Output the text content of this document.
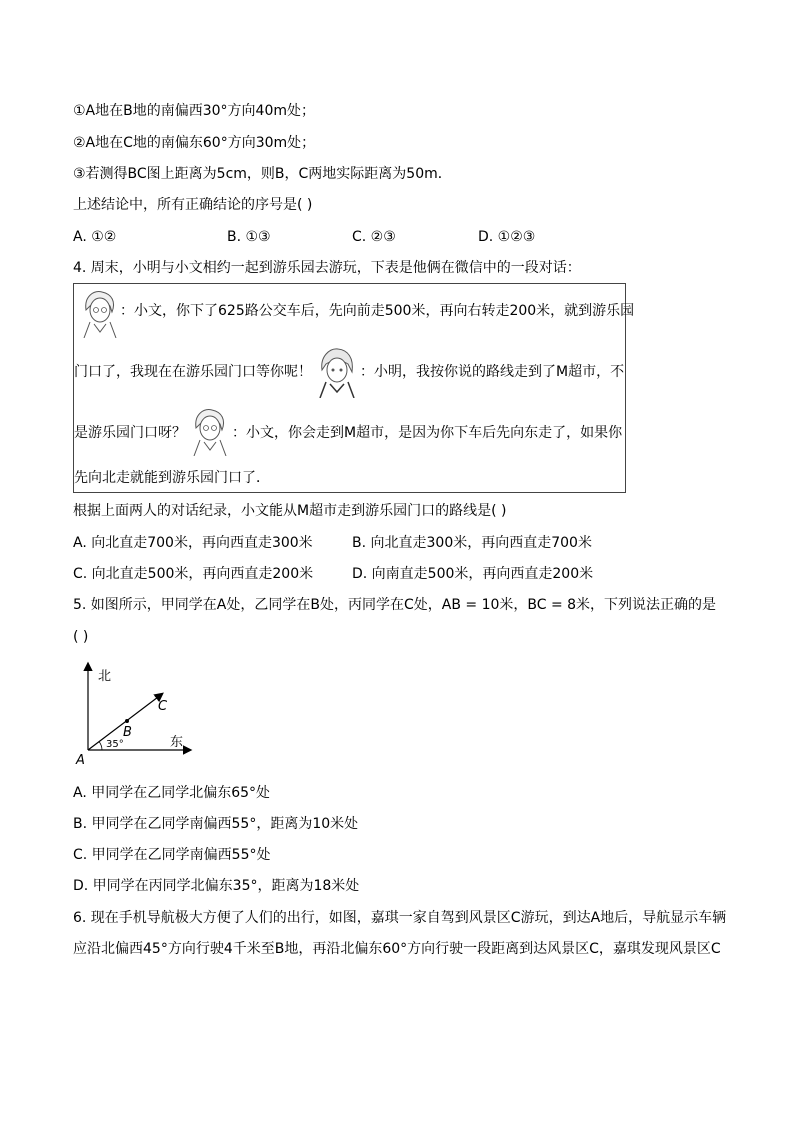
①A地在B地的南偏西30°方向40m处；
②A地在C地的南偏东60°方向30m处；
③若测得BC图上距离为5cm，则B，C两地实际距离为50m．
上述结论中，所有正确结论的序号是( )
A. ①②	B. ①③	C. ②③	D. ①②③
4. 周末，小明与小文相约一起到游乐园去游玩，下表是他俩在微信中的一段对话：
：小文，你下了625路公交车后，先向前走500米，再向右转走200米，就到游乐园
门口了，我现在在游乐园门口等你呢！	：小明，我按你说的路线走到了M超市，不
是游乐园门口呀？	：小文，你会走到M超市，是因为你下车后先向东走了，如果你
先向北走就能到游乐园门口了．
根据上面两人的对话纪录，小文能从M超市走到游乐园门口的路线是( )
A. 向北直走700米，再向西直走300米	B. 向北直走300米，再向西直走700米
C. 向北直走500米，再向西直走200米	D. 向南直走500米，再向西直走200米
5. 如图所示，甲同学在A处，乙同学在B处，丙同学在C处，AB = 10米，BC = 8米，下列说法正确的是
( )
北
东
A
B
C
35°
A. 甲同学在乙同学北偏东65°处
B. 甲同学在乙同学南偏西55°，距离为10米处
C. 甲同学在乙同学南偏西55°处
D. 甲同学在丙同学北偏东35°，距离为18米处
6. 现在手机导航极大方便了人们的出行，如图，嘉琪一家自驾到风景区C游玩，到达A地后，导航显示车辆
应沿北偏西45°方向行驶4千米至B地，再沿北偏东60°方向行驶一段距离到达风景区C，嘉琪发现风景区C
